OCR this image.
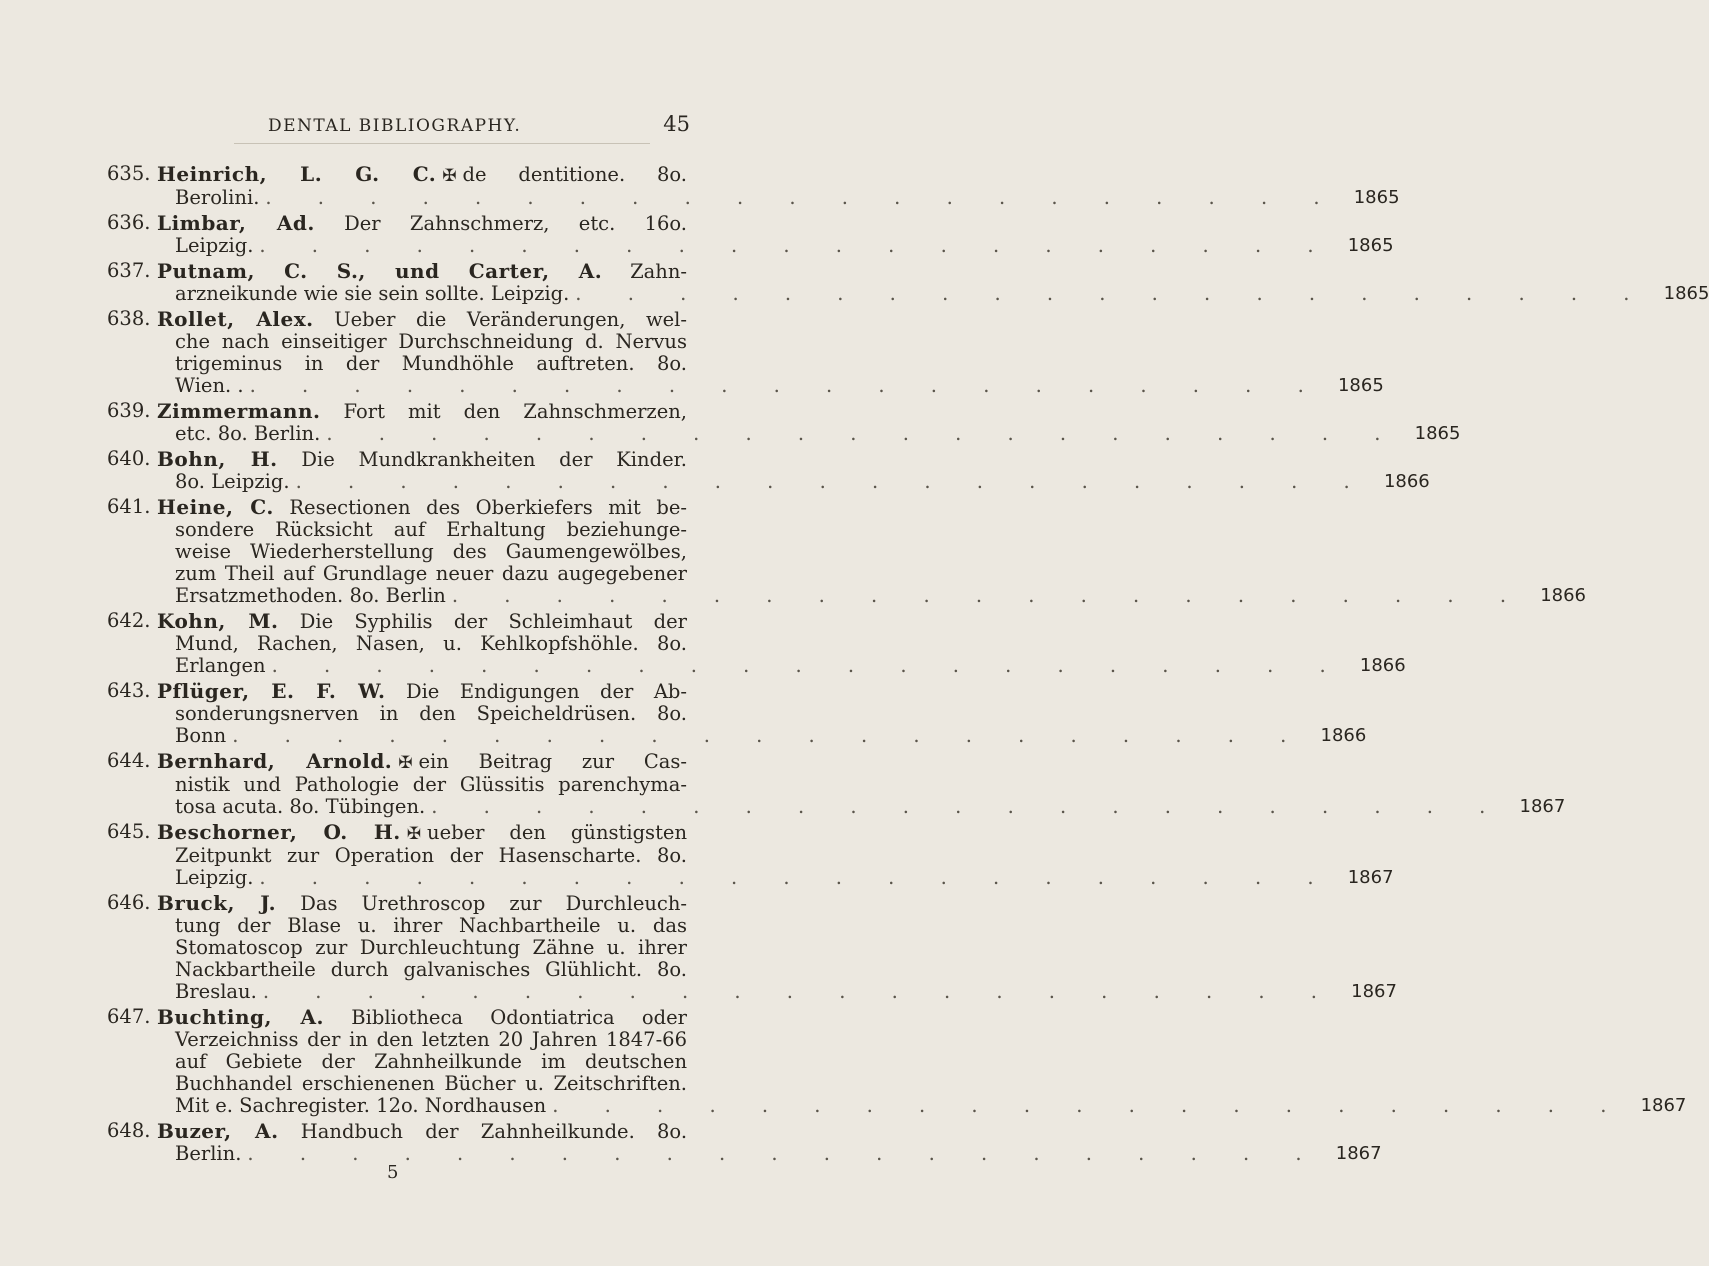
DENTAL BIBLIOGRAPHY.	45
635. Heinrich, L. G. C. ✠ de dentitione. 8o.
Berolini. . . . . . . . . . . . . . . . . . . . . . 1865
636. Limbar, Ad. Der Zahnschmerz, etc. 16o.
Leipzig. . . . . . . . . . . . . . . . . . . . . . 1865
637. Putnam, C. S., und Carter, A. Zahn-
arzneikunde wie sie sein sollte. Leipzig. . . . . . . . . . . . . . . . . . . . . . 1865
638. Rollet, Alex. Ueber die Veränderungen, wel-
che nach einseitiger Durchschneidung d. Nervus
trigeminus in der Mundhöhle auftreten. 8o.
Wien. . . . . . . . . . . . . . . . . . . . . . . 1865
639. Zimmermann. Fort mit den Zahnschmerzen,
etc. 8o. Berlin. . . . . . . . . . . . . . . . . . . . . . 1865
640. Bohn, H. Die Mundkrankheiten der Kinder.
8o. Leipzig. . . . . . . . . . . . . . . . . . . . . . 1866
641. Heine, C. Resectionen des Oberkiefers mit be-
sondere Rücksicht auf Erhaltung beziehunge-
weise Wiederherstellung des Gaumengewölbes,
zum Theil auf Grundlage neuer dazu augegebener
Ersatzmethoden. 8o. Berlin . . . . . . . . . . . . . . . . . . . . . 1866
642. Kohn, M. Die Syphilis der Schleimhaut der
Mund, Rachen, Nasen, u. Kehlkopfshöhle. 8o.
Erlangen . . . . . . . . . . . . . . . . . . . . . 1866
643. Pflüger, E. F. W. Die Endigungen der Ab-
sonderungsnerven in den Speicheldrüsen. 8o.
Bonn . . . . . . . . . . . . . . . . . . . . . 1866
644. Bernhard, Arnold. ✠ ein Beitrag zur Cas-
nistik und Pathologie der Glüssitis parenchyma-
tosa acuta. 8o. Tübingen. . . . . . . . . . . . . . . . . . . . . . 1867
645. Beschorner, O. H. ✠ ueber den günstigsten
Zeitpunkt zur Operation der Hasenscharte. 8o.
Leipzig. . . . . . . . . . . . . . . . . . . . . . 1867
646. Bruck, J. Das Urethroscop zur Durchleuch-
tung der Blase u. ihrer Nachbartheile u. das
Stomatoscop zur Durchleuchtung Zähne u. ihrer
Nackbartheile durch galvanisches Glühlicht. 8o.
Breslau. . . . . . . . . . . . . . . . . . . . . . 1867
647. Buchting, A. Bibliotheca Odontiatrica oder
Verzeichniss der in den letzten 20 Jahren 1847-66
auf Gebiete der Zahnheilkunde im deutschen
Buchhandel erschienenen Bücher u. Zeitschriften.
Mit e. Sachregister. 12o. Nordhausen . . . . . . . . . . . . . . . . . . . . . 1867
648. Buzer, A. Handbuch der Zahnheilkunde. 8o.
Berlin. . . . . . . . . . . . . . . . . . . . . . 1867
5
